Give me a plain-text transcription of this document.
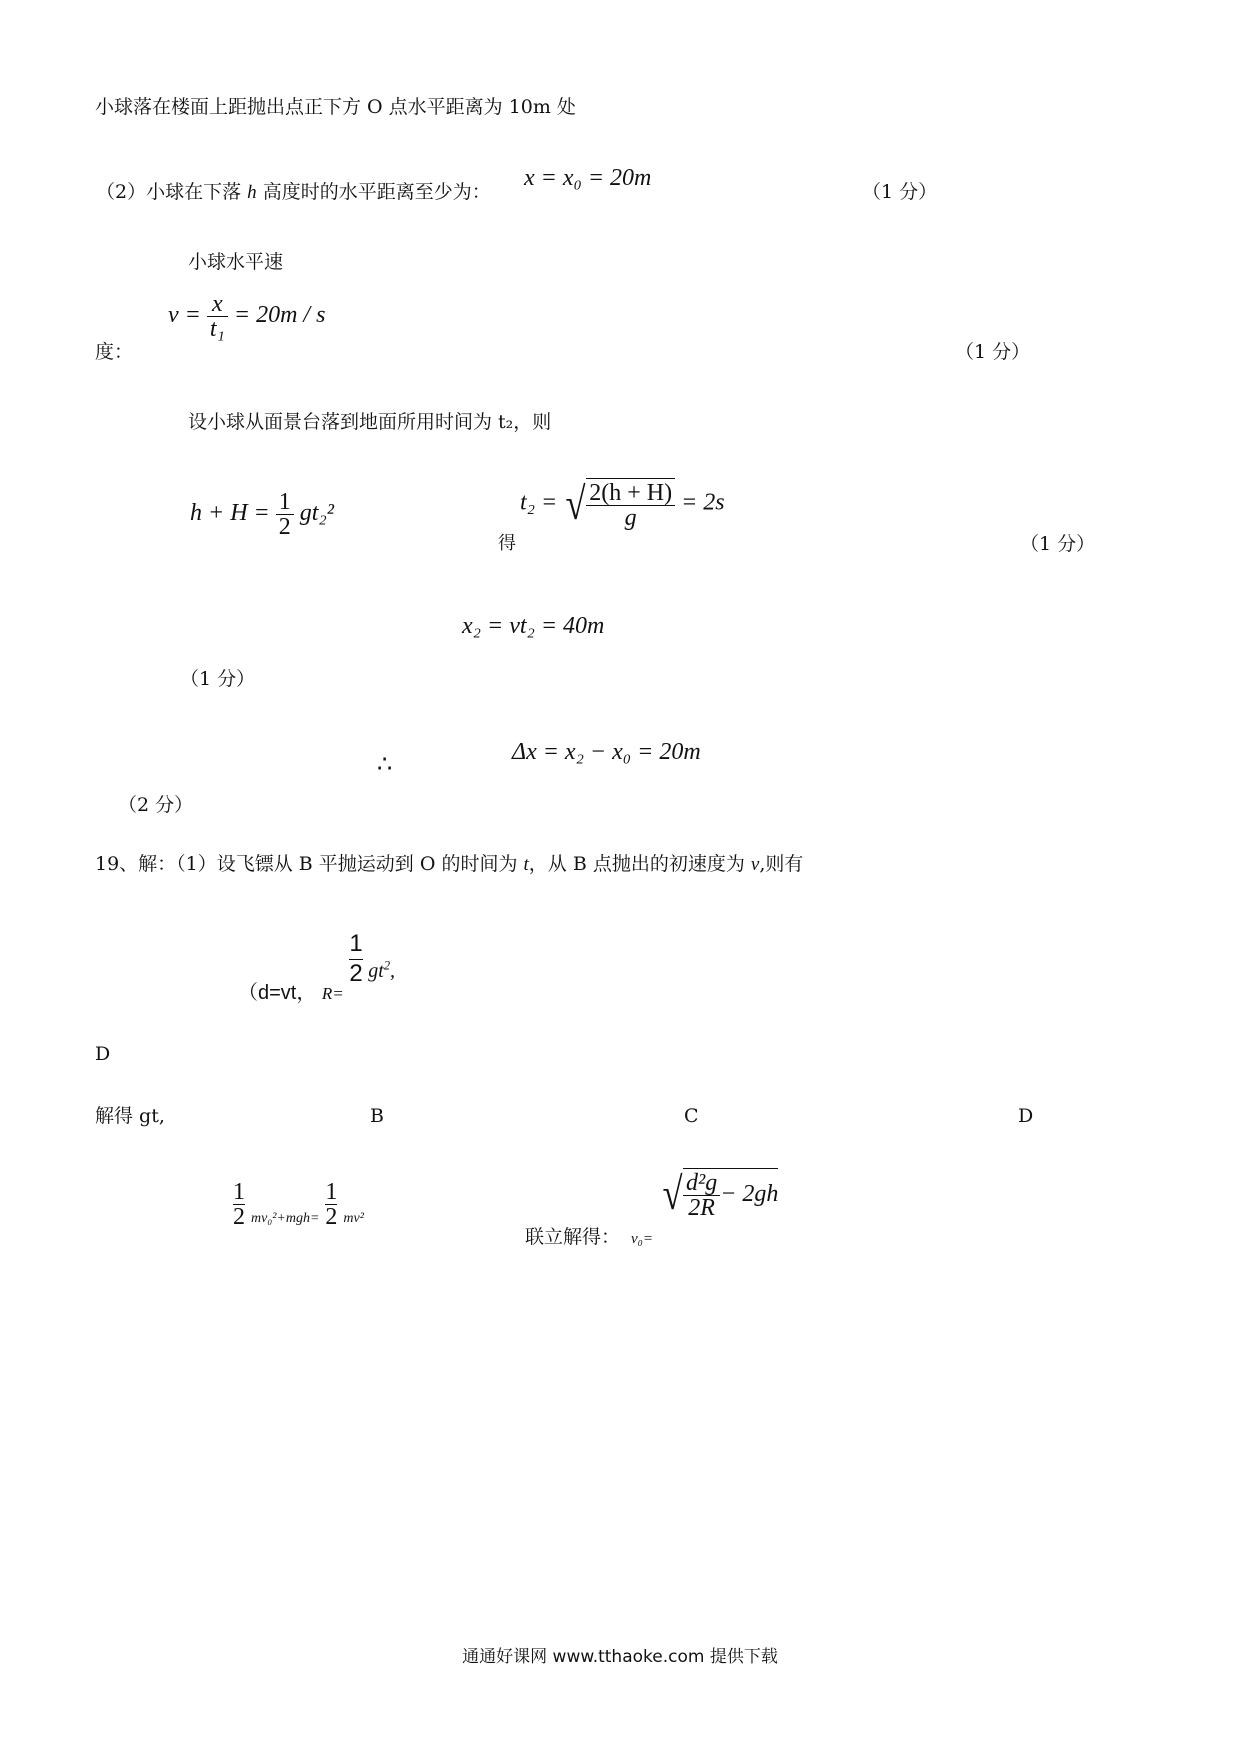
小球落在楼面上距抛出点正下方 O 点水平距离为 10m 处
（2）小球在下落 h 高度时的水平距离至少为：
x = x₀ = 20m
（1 分）
小球水平速
$v = \frac{x}{\text{t₁}} = 20m / s$
度：	（1 分）
设小球从面景台落到地面所用时间为 t₂，则
$h + H = \frac{1}{2} gt_2^2$
得
t₂ = √ $\frac{2(h + H)}{g} = 2s$
（1 分）
x₂ = vt₂ = 40m
（1 分）
∴	Δx = x₂ − x₀ = 20m
（2 分）
19、解：（1）设飞镖从 B 平抛运动到 O 的时间为 t，从 B 点抛出的初速度为 v,则有
（d=vt， $_{R=}$
$\frac{1}{2} gt^2$,
D
解得 gt,	B	C	D
$\frac{1}{2} _{mv_0^2+mgh=} \frac{1}{2} _{mv^2}$
联立解得： v₀=
√ $\frac{\text{d²g}}{2R} - 2gh$
通通好课网 www.tthaoke.com 提供下载
